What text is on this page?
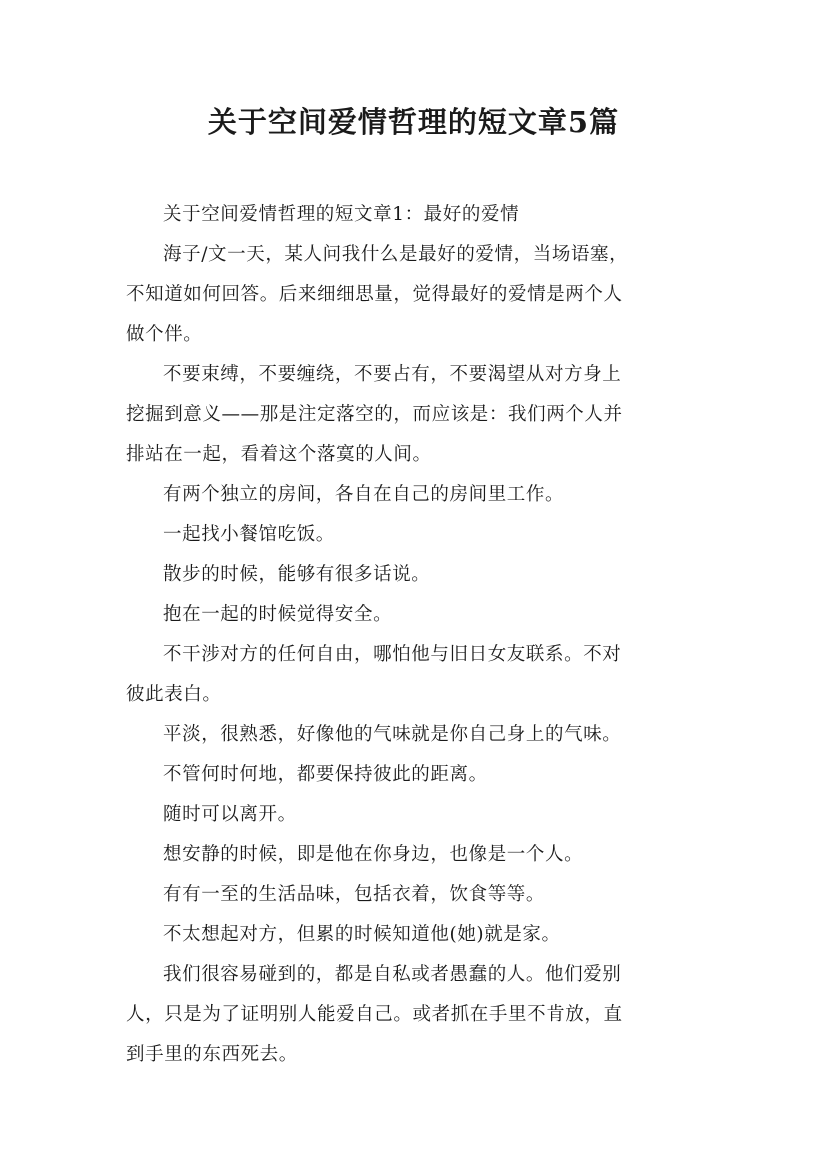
关于空间爱情哲理的短文章5篇

关于空间爱情哲理的短文章1：最好的爱情

海子/文一天，某人问我什么是最好的爱情，当场语塞，
不知道如何回答。后来细细思量，觉得最好的爱情是两个人
做个伴。

不要束缚，不要缠绕，不要占有，不要渴望从对方身上
挖掘到意义——那是注定落空的，而应该是：我们两个人并
排站在一起，看着这个落寞的人间。

有两个独立的房间，各自在自己的房间里工作。

一起找小餐馆吃饭。

散步的时候，能够有很多话说。

抱在一起的时候觉得安全。

不干涉对方的任何自由，哪怕他与旧日女友联系。不对
彼此表白。

平淡，很熟悉，好像他的气味就是你自己身上的气味。

不管何时何地，都要保持彼此的距离。

随时可以离开。

想安静的时候，即是他在你身边，也像是一个人。

有有一至的生活品味，包括衣着，饮食等等。

不太想起对方，但累的时候知道他(她)就是家。

我们很容易碰到的，都是自私或者愚蠢的人。他们爱别
人，只是为了证明别人能爱自己。或者抓在手里不肯放，直
到手里的东西死去。
